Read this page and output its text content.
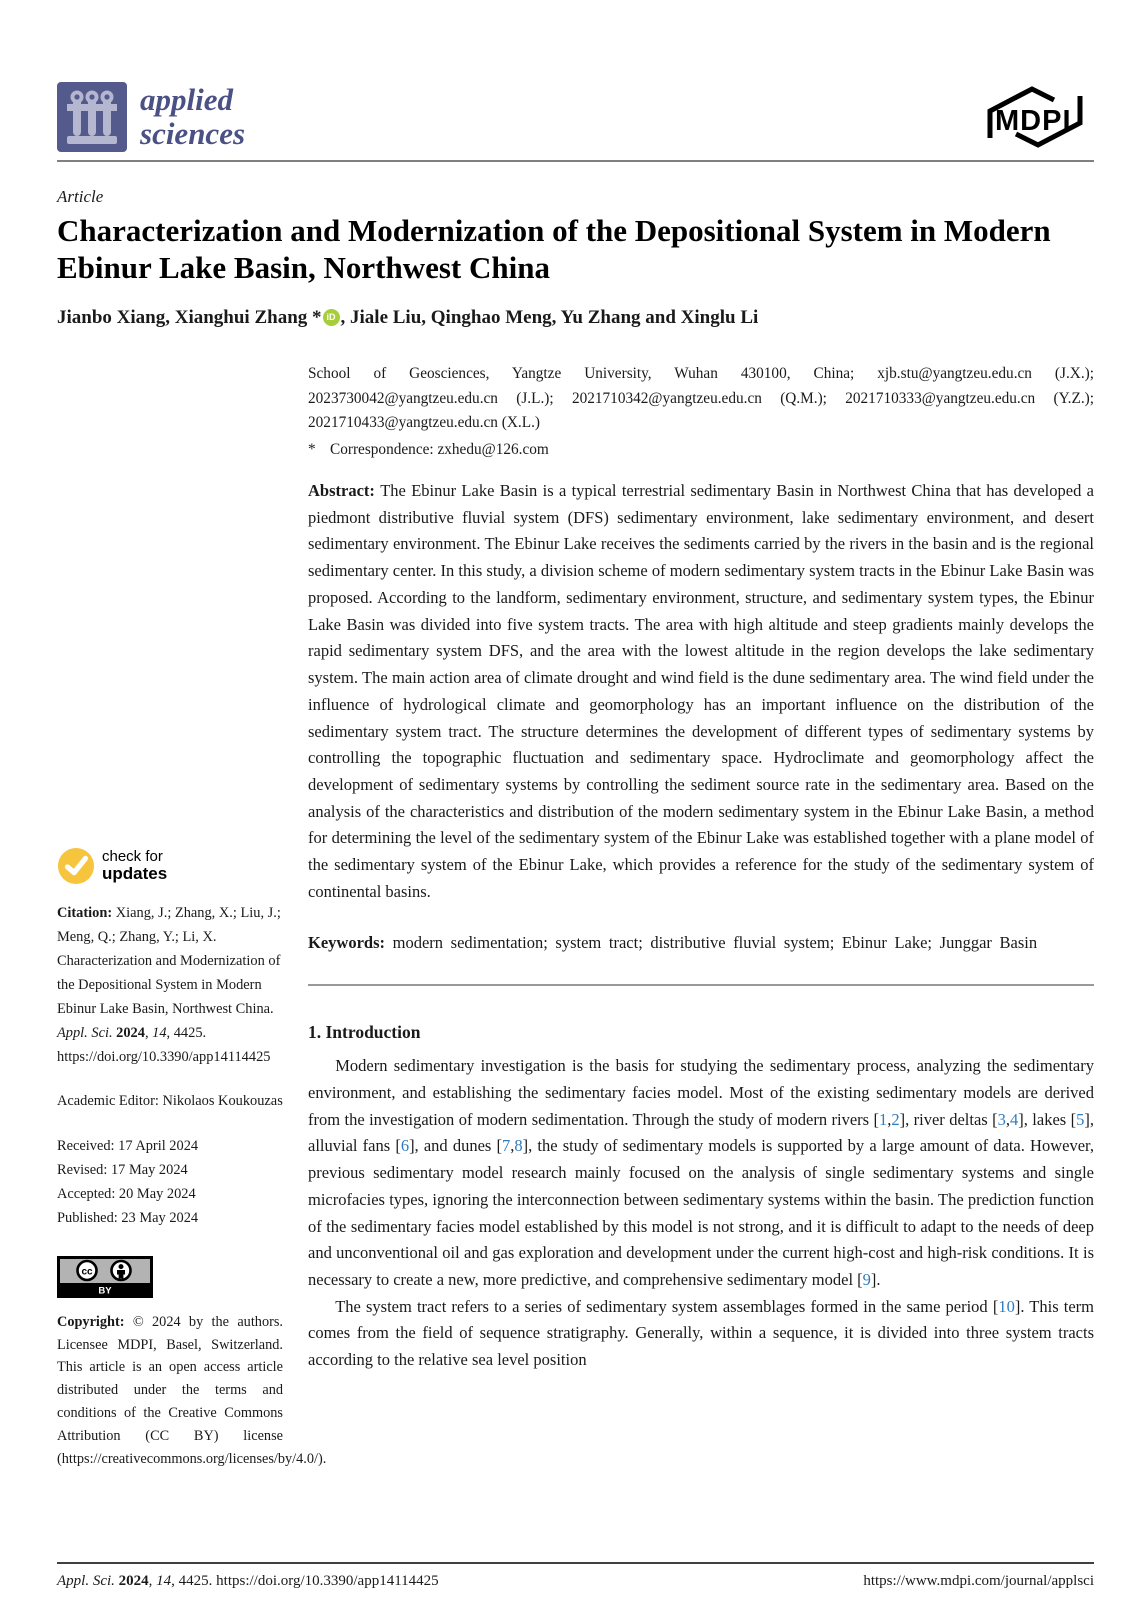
applied
sciences	MDPI
Article
Characterization and Modernization of the Depositional System in Modern Ebinur Lake Basin, Northwest China
Jianbo Xiang, Xianghui Zhang * iD , Jiale Liu, Qinghao Meng, Yu Zhang and Xinglu Li
check for
updates

Citation: Xiang, J.; Zhang, X.; Liu, J.; Meng, Q.; Zhang, Y.; Li, X. Characterization and Modernization of the Depositional System in Modern Ebinur Lake Basin, Northwest China. Appl. Sci. 2024, 14, 4425. https://doi.org/10.3390/app14114425

Academic Editor: Nikolaos Koukouzas
Received: 17 April 2024
Revised: 17 May 2024
Accepted: 20 May 2024
Published: 23 May 2024
cc
BY

Copyright: © 2024 by the authors. Licensee MDPI, Basel, Switzerland. This article is an open access article distributed under the terms and conditions of the Creative Commons Attribution (CC BY) license (https://creativecommons.org/licenses/by/4.0/).

School of Geosciences, Yangtze University, Wuhan 430100, China; xjb.stu@yangtzeu.edu.cn (J.X.); 2023730042@yangtzeu.edu.cn (J.L.); 2021710342@yangtzeu.edu.cn (Q.M.); 2021710333@yangtzeu.edu.cn (Y.Z.); 2021710433@yangtzeu.edu.cn (X.L.)

* Correspondence: zxhedu@126.com

Abstract: The Ebinur Lake Basin is a typical terrestrial sedimentary Basin in Northwest China that has developed a piedmont distributive fluvial system (DFS) sedimentary environment, lake sedimentary environment, and desert sedimentary environment. The Ebinur Lake receives the sediments carried by the rivers in the basin and is the regional sedimentary center. In this study, a division scheme of modern sedimentary system tracts in the Ebinur Lake Basin was proposed. According to the landform, sedimentary environment, structure, and sedimentary system types, the Ebinur Lake Basin was divided into five system tracts. The area with high altitude and steep gradients mainly develops the rapid sedimentary system DFS, and the area with the lowest altitude in the region develops the lake sedimentary system. The main action area of climate drought and wind field is the dune sedimentary area. The wind field under the influence of hydrological climate and geomorphology has an important influence on the distribution of the sedimentary system tract. The structure determines the development of different types of sedimentary systems by controlling the topographic fluctuation and sedimentary space. Hydroclimate and geomorphology affect the development of sedimentary systems by controlling the sediment source rate in the sedimentary area. Based on the analysis of the characteristics and distribution of the modern sedimentary system in the Ebinur Lake Basin, a method for determining the level of the sedimentary system of the Ebinur Lake was established together with a plane model of the sedimentary system of the Ebinur Lake, which provides a reference for the study of the sedimentary system of continental basins.

Keywords: modern sedimentation; system tract; distributive fluvial system; Ebinur Lake; Junggar Basin

1. Introduction

Modern sedimentary investigation is the basis for studying the sedimentary process, analyzing the sedimentary environment, and establishing the sedimentary facies model. Most of the existing sedimentary models are derived from the investigation of modern sedimentation. Through the study of modern rivers [1,2], river deltas [3,4], lakes [5], alluvial fans [6], and dunes [7,8], the study of sedimentary models is supported by a large amount of data. However, previous sedimentary model research mainly focused on the analysis of single sedimentary systems and single microfacies types, ignoring the interconnection between sedimentary systems within the basin. The prediction function of the sedimentary facies model established by this model is not strong, and it is difficult to adapt to the needs of deep and unconventional oil and gas exploration and development under the current high-cost and high-risk conditions. It is necessary to create a new, more predictive, and comprehensive sedimentary model [9].

The system tract refers to a series of sedimentary system assemblages formed in the same period [10]. This term comes from the field of sequence stratigraphy. Generally, within a sequence, it is divided into three system tracts according to the relative sea level position

Appl. Sci. 2024, 14, 4425. https://doi.org/10.3390/app14114425	https://www.mdpi.com/journal/applsci
